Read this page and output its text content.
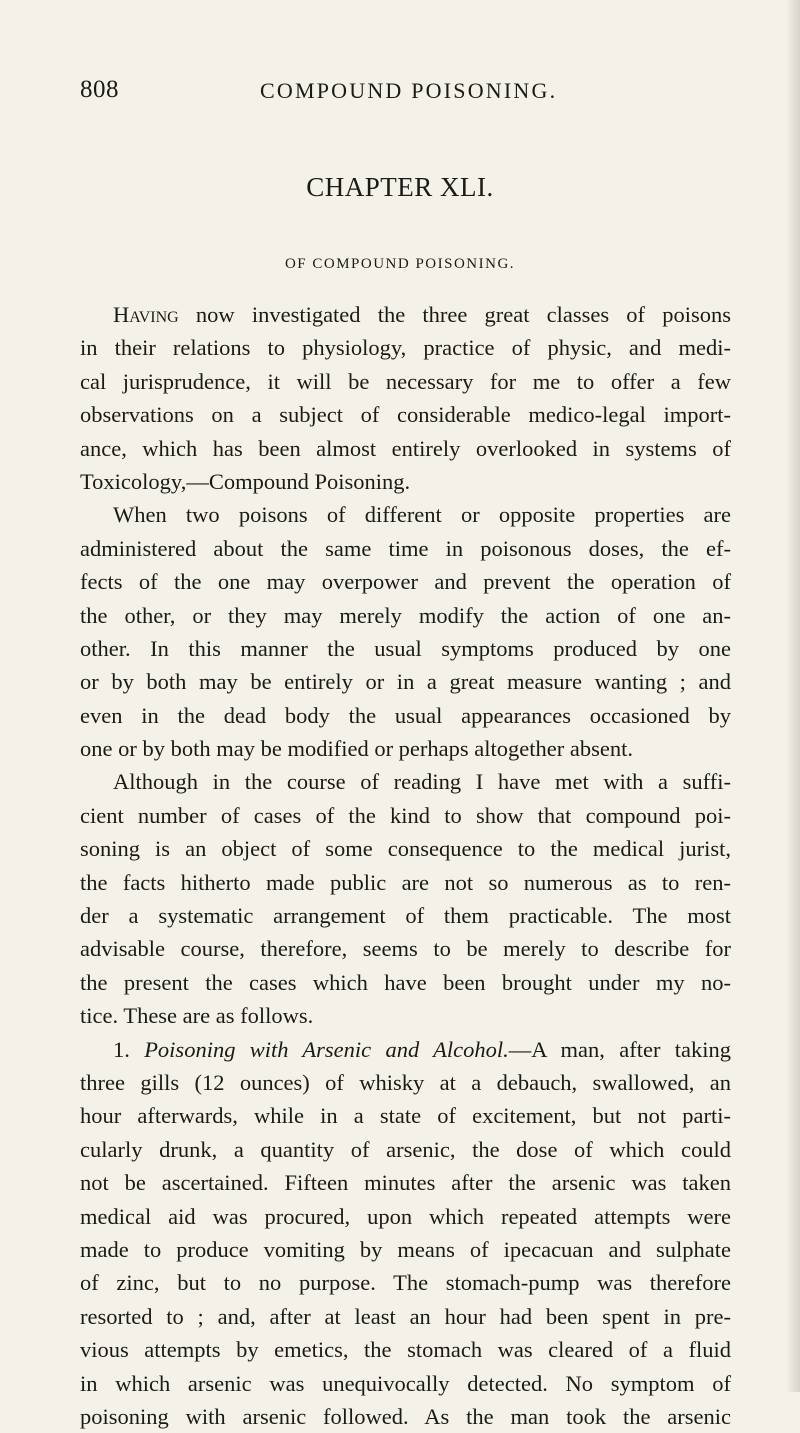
808	COMPOUND POISONING.
CHAPTER XLI.
OF COMPOUND POISONING.
Having now investigated the three great classes of poisons
in their relations to physiology, practice of physic, and medi-
cal jurisprudence, it will be necessary for me to offer a few
observations on a subject of considerable medico-legal import-
ance, which has been almost entirely overlooked in systems of
Toxicology,—Compound Poisoning.
When two poisons of different or opposite properties are
administered about the same time in poisonous doses, the ef-
fects of the one may overpower and prevent the operation of
the other, or they may merely modify the action of one an-
other. In this manner the usual symptoms produced by one
or by both may be entirely or in a great measure wanting ; and
even in the dead body the usual appearances occasioned by
one or by both may be modified or perhaps altogether absent.
Although in the course of reading I have met with a suffi-
cient number of cases of the kind to show that compound poi-
soning is an object of some consequence to the medical jurist,
the facts hitherto made public are not so numerous as to ren-
der a systematic arrangement of them practicable. The most
advisable course, therefore, seems to be merely to describe for
the present the cases which have been brought under my no-
tice. These are as follows.
1. Poisoning with Arsenic and Alcohol.—A man, after taking
three gills (12 ounces) of whisky at a debauch, swallowed, an
hour afterwards, while in a state of excitement, but not parti-
cularly drunk, a quantity of arsenic, the dose of which could
not be ascertained. Fifteen minutes after the arsenic was taken
medical aid was procured, upon which repeated attempts were
made to produce vomiting by means of ipecacuan and sulphate
of zinc, but to no purpose. The stomach-pump was therefore
resorted to ; and, after at least an hour had been spent in pre-
vious attempts by emetics, the stomach was cleared of a fluid
in which arsenic was unequivocally detected. No symptom of
poisoning with arsenic followed. As the man took the arsenic
